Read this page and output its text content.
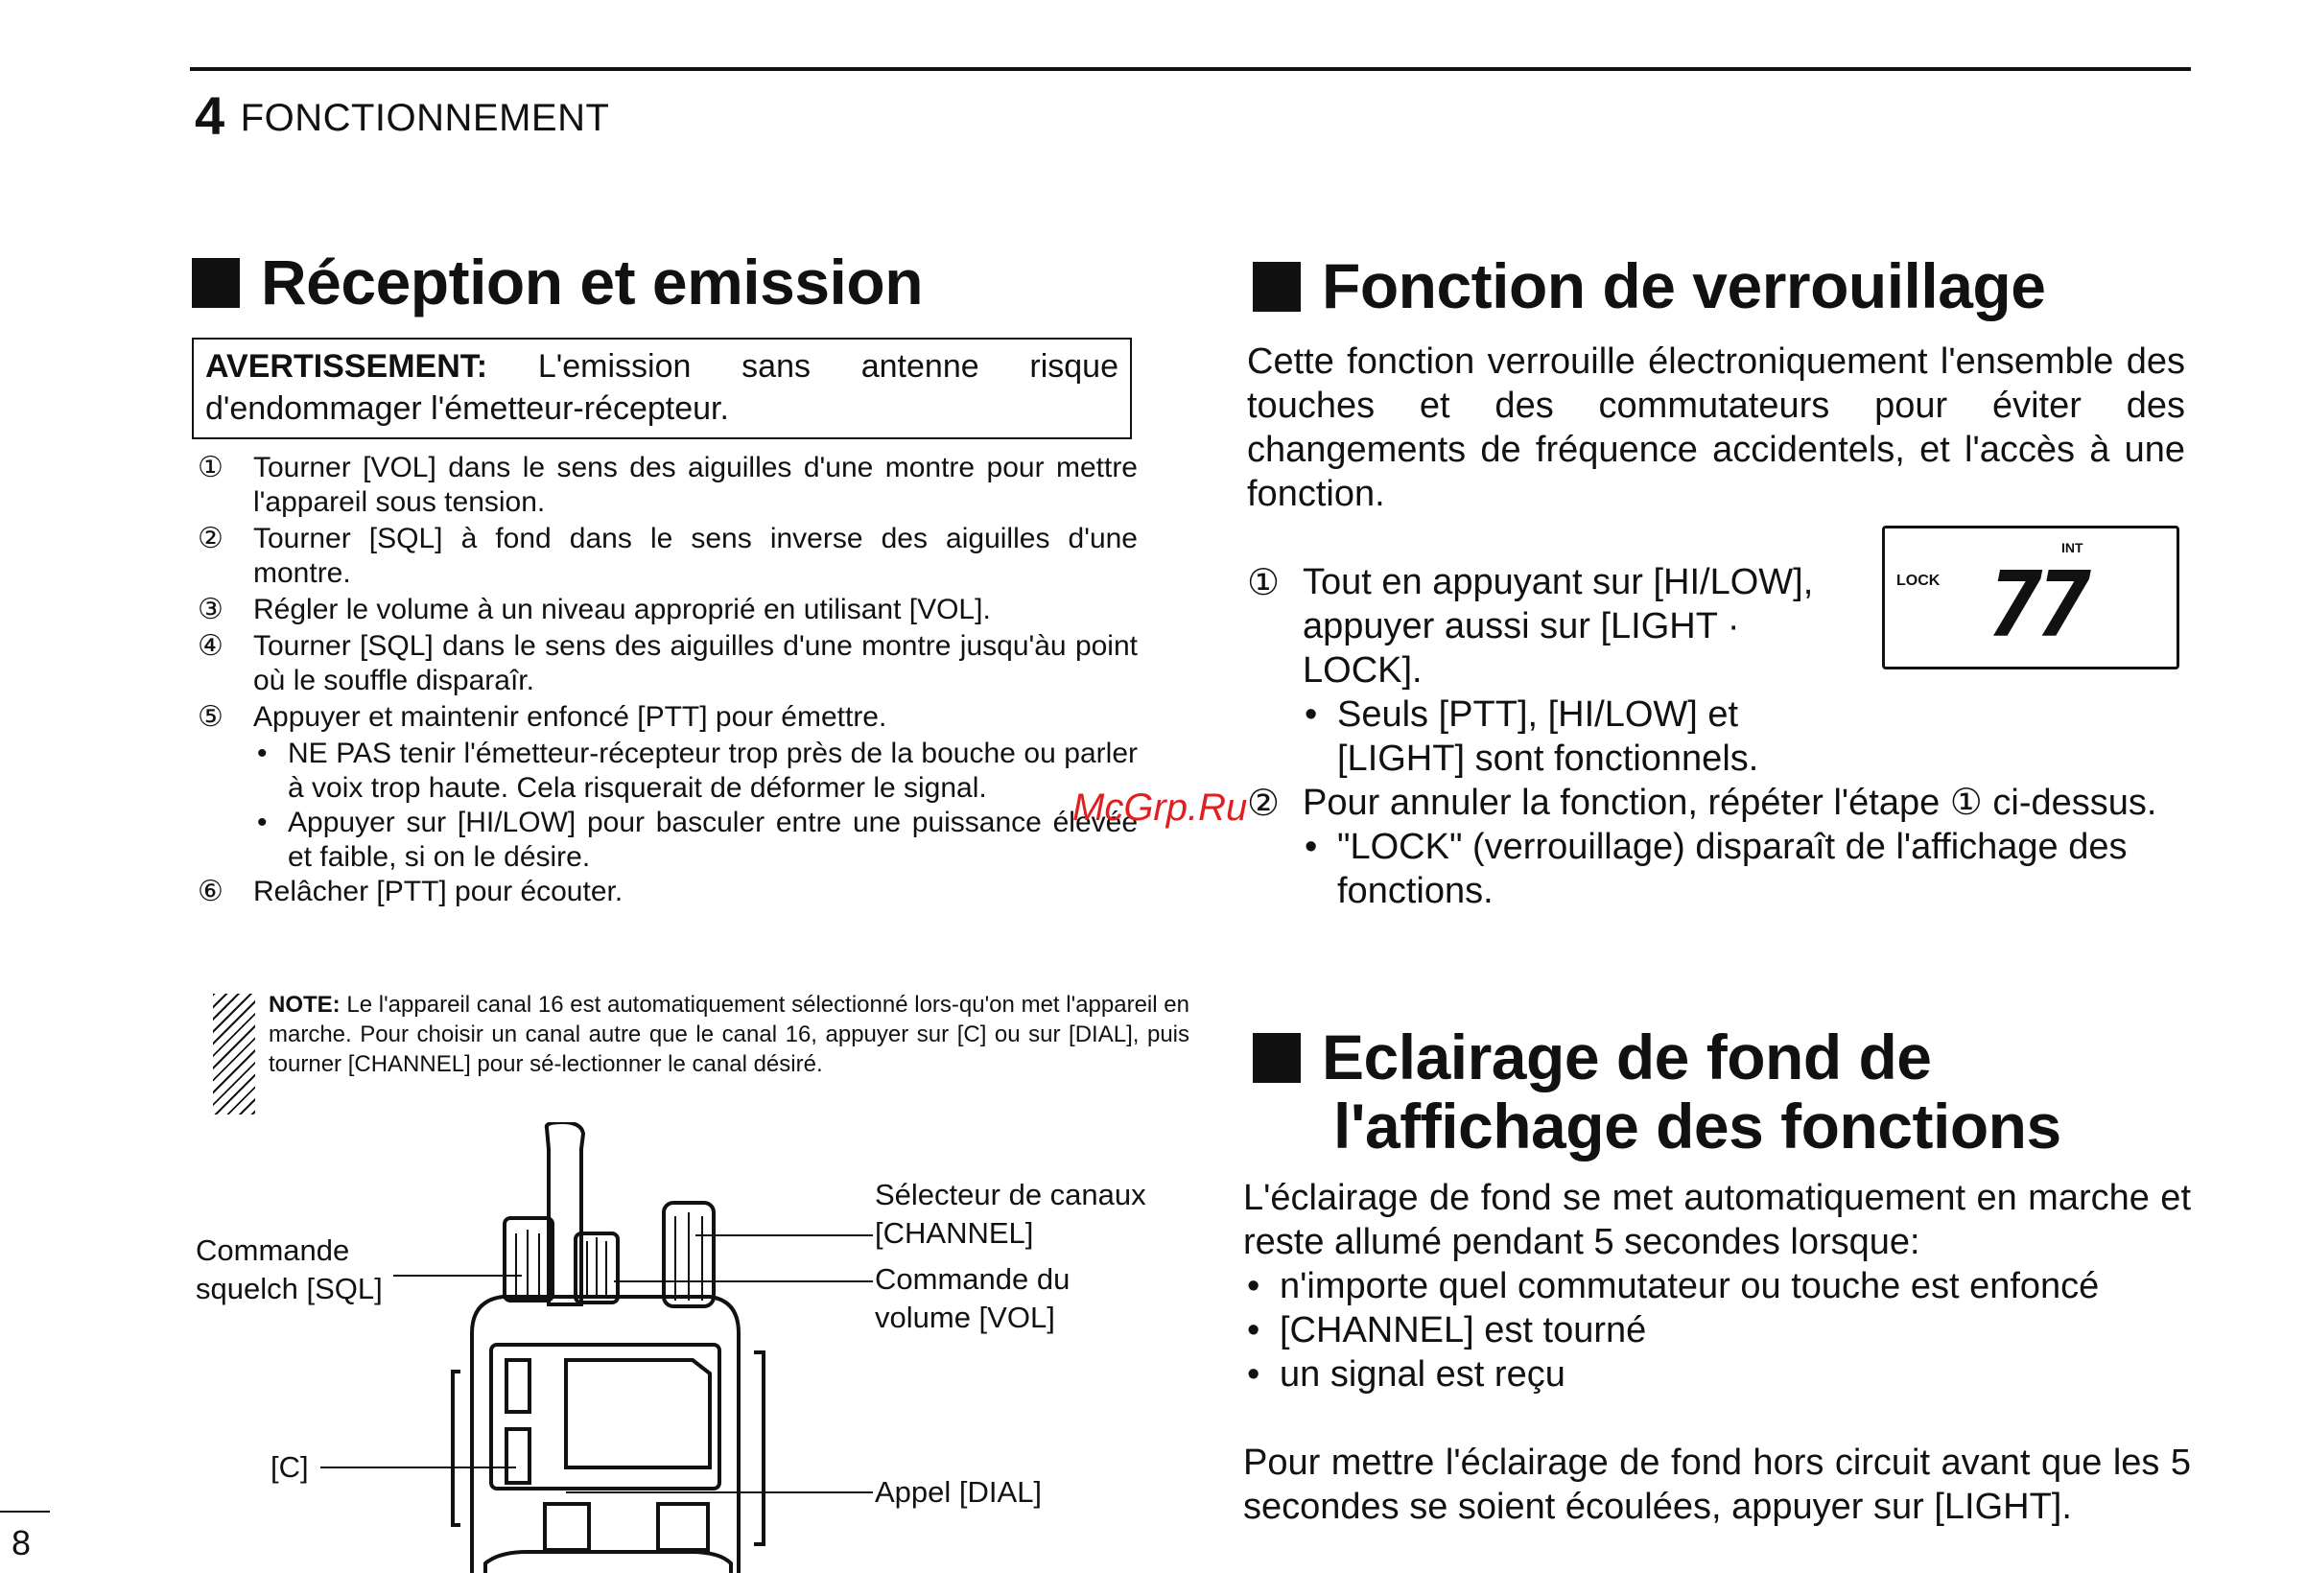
4 FONCTIONNEMENT
Réception et emission
AVERTISSEMENT: L'emission sans antenne risque d'endommager l'émetteur-récepteur.
① Tourner [VOL] dans le sens des aiguilles d'une montre pour mettre l'appareil sous tension.
② Tourner [SQL] à fond dans le sens inverse des aiguilles d'une montre.
③ Régler le volume à un niveau approprié en utilisant [VOL].
④ Tourner [SQL] dans le sens des aiguilles d'une montre jusqu'àu point où le souffle disparaîr.
⑤ Appuyer et maintenir enfoncé [PTT] pour émettre.
• NE PAS tenir l'émetteur-récepteur trop près de la bouche ou parler à voix trop haute. Cela risquerait de déformer le signal.
• Appuyer sur [HI/LOW] pour basculer entre une puissance élevée et faible, si on le désire.
⑥ Relâcher [PTT] pour écouter.
NOTE: Le l'appareil canal 16 est automatiquement sélectionné lors-qu'on met l'appareil en marche. Pour choisir un canal autre que le canal 16, appuyer sur [C] ou sur [DIAL], puis tourner [CHANNEL] pour sé-lectionner le canal désiré.
Sélecteur de canaux
[CHANNEL]
Commande
squelch [SQL]	Commande du
volume [VOL]
[C]
Appel [DIAL]
Fonction de verrouillage
Cette fonction verrouille électroniquement l'ensemble des touches et des commutateurs pour éviter des changements de fréquence accidentels, et l'accès à une fonction.
① Tout en appuyant sur [HI/LOW], appuyer aussi sur [LIGHT · LOCK].
• Seuls [PTT], [HI/LOW] et [LIGHT] sont fonctionnels.
② Pour annuler la fonction, répéter l'étape ① ci-dessus.
• "LOCK" (verrouillage) disparaît de l'affichage des fonctions.
LOCK
INT
77
Eclairage de fond de
l'affichage des fonctions
L'éclairage de fond se met automatiquement en marche et reste allumé pendant 5 secondes lorsque:
• n'importe quel commutateur ou touche est enfoncé
• [CHANNEL] est tourné
• un signal est reçu
Pour mettre l'éclairage de fond hors circuit avant que les 5 secondes se soient écoulées, appuyer sur [LIGHT].
McGrp.Ru
8
